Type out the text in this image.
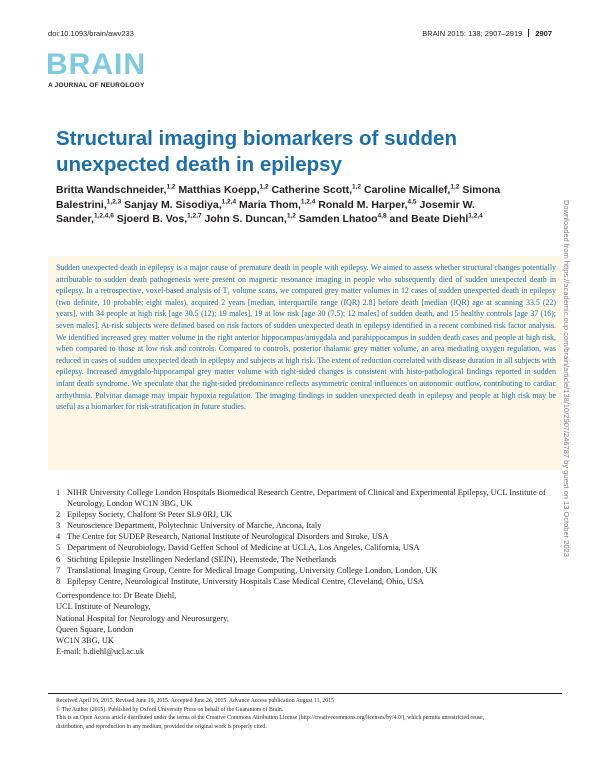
doi:10.1093/brain/awv233	BRAIN 2015: 138; 2907–2919 2907
BRAIN
A JOURNAL OF NEUROLOGY
Structural imaging biomarkers of sudden unexpected death in epilepsy
Britta Wandschneider,$^{1,2}$ Matthias Koepp,$^{1,2}$ Catherine Scott,$^{1,2}$ Caroline Micallef,$^{1,2}$ Simona Balestrini,$^{1,2,3}$ Sanjay M. Sisodiya,$^{1,2,4}$ Maria Thom,$^{1,2,4}$ Ronald M. Harper,$^{4,5}$ Josemir W. Sander,$^{1,2,4,6}$ Sjoerd B. Vos,$^{1,2,7}$ John S. Duncan,$^{1,2}$ Samden Lhatoo$^{4,8}$ and Beate Diehl$^{1,2,4}$	Downloaded from https://academic.oup.com/brain/article/138/10/2907/246787 by guest on 13 October 2023

Sudden unexpected death in epilepsy is a major cause of premature death in people with epilepsy. We aimed to assess whether structural changes potentially attributable to sudden death pathogenesis were present on magnetic resonance imaging in people who subsequently died of sudden unexpected death in epilepsy. In a retrospective, voxel-based analysis of T₁ volume scans, we compared grey matter volumes in 12 cases of sudden unexpected death in epilepsy (two definite, 10 probable; eight males), acquired 2 years [median, interquartile range (IQR) 2.8] before death [median (IQR) age at scanning 33.5 (22) years], with 34 people at high risk [age 30.5 (12); 19 males], 19 at low risk [age 30 (7.5); 12 males] of sudden death, and 15 healthy controls [age 37 (16); seven males]. At-risk subjects were defined based on risk factors of sudden unexpected death in epilepsy identified in a recent combined risk factor analysis. We identified increased grey matter volume in the right anterior hippocampus/amygdala and parahippocampus in sudden death cases and people at high risk, when compared to those at low risk and controls. Compared to controls, posterior thalamic grey matter volume, an area mediating oxygen regulation, was reduced in cases of sudden unexpected death in epilepsy and subjects at high risk. The extent of reduction correlated with disease duration in all subjects with epilepsy. Increased amygdalo-hippocampal grey matter volume with right-sided changes is consistent with histo-pathological findings reported in sudden infant death syndrome. We speculate that the right-sided predominance reflects asymmetric central influences on autonomic outflow, contributing to cardiac arrhythmia. Pulvinar damage may impair hypoxia regulation. The imaging findings in sudden unexpected death in epilepsy and people at high risk may be useful as a biomarker for risk-stratification in future studies.

1 NIHR University College London Hospitals Biomedical Research Centre, Department of Clinical and Experimental Epilepsy, UCL Institute of Neurology, London WC1N 3BG, UK
2 Epilepsy Society, Chalfont St Peter SL9 0RJ, UK
3 Neuroscience Department, Polytechnic University of Marche, Ancona, Italy
4 The Centre for SUDEP Research, National Institute of Neurological Disorders and Stroke, USA
5 Department of Neurobiology, David Geffen School of Medicine at UCLA, Los Angeles, California, USA
6 Stichting Epilepsie Instellingen Nederland (SEIN), Heemstede, The Netherlands
7 Translational Imaging Group, Centre for Medical Image Computing, University College London, London, UK
8 Epilepsy Centre, Neurological Institute, University Hospitals Case Medical Centre, Cleveland, Ohio, USA
Correspondence to: Dr Beate Diehl,
UCL Institute of Neurology,
National Hospital for Neurology and Neurosurgery,
Queen Square, London
WC1N 3BG, UK
E-mail: b.diehl@ucl.ac.uk
Received April 16, 2015. Revised June 19, 2015. Accepted June 26, 2015. Advance Access publication August 11, 2015
© The Author (2015). Published by Oxford University Press on behalf of the Guarantors of Brain.
This is an Open Access article distributed under the terms of the Creative Commons Attribution License (http://creativecommons.org/licenses/by/4.0/), which permits unrestricted reuse,
distribution, and reproduction in any medium, provided the original work is properly cited.
